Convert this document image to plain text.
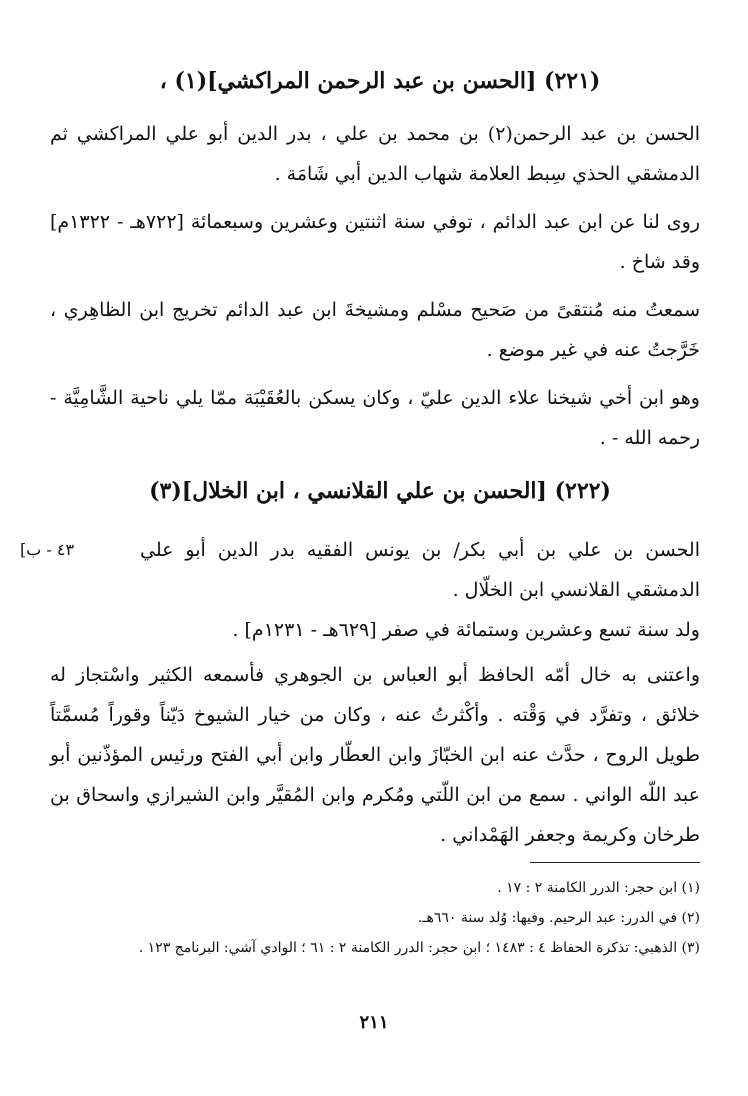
(٢٢١) [الحسن بن عبد الرحمن المراكشي](١) ،
الحسن بن عبد الرحمن(٢) بن محمد بن علي ، بدر الدين أبو علي المراكشي ثم الدمشقي الحذي سِبط العلامة شهاب الدين أبي شَامَة .
روى لنا عن ابن عبد الدائم ، توفي سنة اثنتين وعشرين وسبعمائة [٧٢٢هـ - ١٣٢٢م] وقد شاخ .
سمعتُ منه مُنتقىً من صَحيح مسْلم ومشيخةَ ابن عبد الدائم تخريج ابن الظاهِري ، خَرَّجتُ عنه في غير موضع .
وهو ابن أخي شيخنا علاء الدين عليّ ، وكان يسكن بالعُقَيْبَة ممّا يلي ناحية الشَّامِيَّة - رحمه الله - .
(٢٢٢) [الحسن بن علي القلانسي ، ابن الخلال](٣)
[٤٣ - ب	الحسن بن علي بن أبي بكر/ بن يونس الفقيه بدر الدين أبو علي الدمشقي القلانسي ابن الخلّال .
ولد سنة تسع وعشرين وستمائة في صفر [٦٢٩هـ - ١٢٣١م] .
واعتنى به خال أمّه الحافظ أبو العباس بن الجوهري فأسمعه الكثير واسْتجاز له خلائق ، وتفرَّد في وَقْته . وأكْثرتُ عنه ، وكان من خيار الشيوخ دَيّناً وقوراً مُسمَّتاً طويل الروح ، حدَّث عنه ابن الخبّازَ وابن العطّار وابن أبي الفتح ورئيس المؤذّنين أبو عبد اللّه الواني . سمع من ابن اللّتي ومُكرم وابن المُقيَّر وابن الشيرازي واسحاق بن طرخان وكريمة وجعفر الهَمْداني .
(١) ابن حجر: الدرر الكامنة ٢ : ١٧ .
(٢) في الدرر: عبد الرحيم. وفيها: وُلد سنة ٦٦٠هـ.
(٣) الذهبي: تذكرة الحفاظ ٤ : ١٤٨٣ ؛ ابن حجر: الدرر الكامنة ٢ : ٦١ ؛ الوادي آشي: البرنامج ١٢٣ .
٢١١
